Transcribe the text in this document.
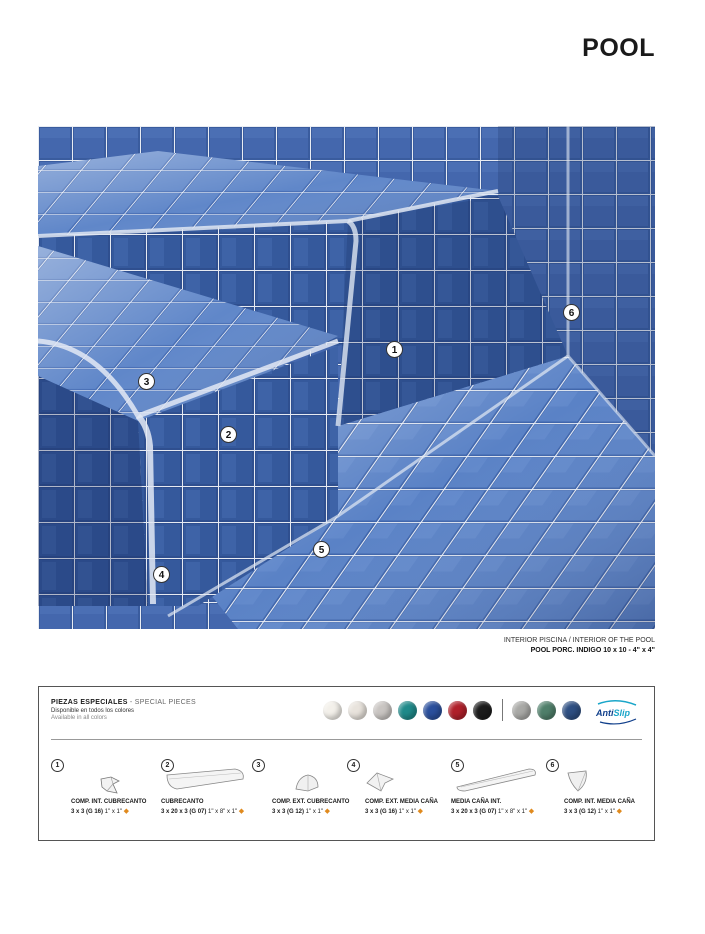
POOL
1
2
3
4
5
6
INTERIOR PISCINA / INTERIOR OF THE POOL
POOL PORC. INDIGO 10 x 10 - 4" x 4"
PIEZAS ESPECIALES - SPECIAL PIECES
Disponible en todos los colores
Available in all colors	AntiSlip
1
COMP. INT. CUBRECANTO
3 x 3 (G 16) 1" x 1" ◆
2
CUBRECANTO
3 x 20 x 3 (G 07) 1" x 8" x 1" ◆
3
COMP. EXT. CUBRECANTO
3 x 3 (G 12) 1" x 1" ◆
4
COMP. EXT. MEDIA CAÑA
3 x 3 (G 16) 1" x 1" ◆
5
MEDIA CAÑA INT.
3 x 20 x 3 (G 07) 1" x 8" x 1" ◆
6
COMP. INT. MEDIA CAÑA
3 x 3 (G 12) 1" x 1" ◆
